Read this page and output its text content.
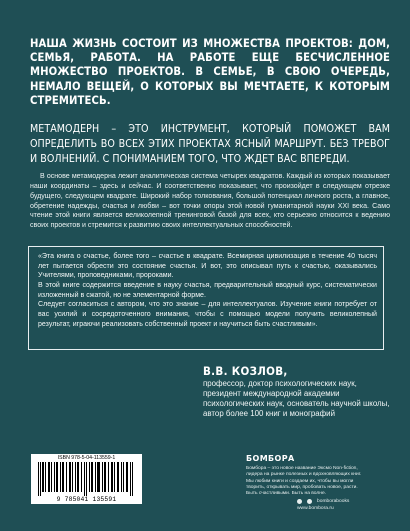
НАША ЖИЗНЬ СОСТОИТ ИЗ МНОЖЕСТВА ПРОЕКТОВ: ДОМ, СЕМЬЯ, РАБОТА. НА РАБОТЕ ЕЩЕ БЕСЧИСЛЕННОЕ МНОЖЕСТВО ПРОЕКТОВ. В СЕМЬЕ, В СВОЮ ОЧЕРЕДЬ, НЕМАЛО ВЕЩЕЙ, О КОТОРЫХ ВЫ МЕЧТАЕТЕ, К КОТОРЫМ СТРЕМИТЕСЬ.
МЕТАМОДЕРН – ЭТО ИНСТРУМЕНТ, КОТОРЫЙ ПОМОЖЕТ ВАМ ОПРЕДЕЛИТЬ ВО ВСЕХ ЭТИХ ПРОЕКТАХ ЯСНЫЙ МАРШРУТ. БЕЗ ТРЕВОГ И ВОЛНЕНИЙ. С ПОНИМАНИЕМ ТОГО, ЧТО ЖДЕТ ВАС ВПЕРЕДИ.
В основе метамодерна лежит аналитическая система четырех квадратов. Каждый из которых показывает наши координаты – здесь и сейчас. И соответственно показывает, что произойдет в следующем отрезке будущего, следующем квадрате. Широкий набор толкования, большой потенциал личного роста, а главное, обретение надежды, счастья и любви – вот точки опоры этой новой гуманитарной науки XXI века. Само чтение этой книги является великолепной тренинговой базой для всех, кто серьезно относится к ведению своих проектов и стремится к развитию своих интеллектуальных способностей.

«Эта книга о счастье, более того – счастье в квадрате. Всемирная цивилизация в течение 40 тысяч лет пытается обрести это состояние счастья. И вот, это описывал путь к счастью, оказывались Учителями, проповедниками, пророками.

В этой книге содержится введение в науку счастья, предварительный вводный курс, систематически изложенный в сжатой, но не элементарной форме.

Следует согласиться с автором, что это знание – для интеллектуалов. Изучение книги потребует от вас усилий и сосредоточенного внимания, чтобы с помощью модели получить великолепный результат, играючи реализовать собственный проект и научиться быть счастливым».

В.В. КОЗЛОВ,
профессор, доктор психологических наук, президент международной академии психологических наук, основатель научной школы, автор более 100 книг и монографий
ISBN 978-5-04-113559-1
9 785041 135591
БОМБОРА
Бомбора – это новое название Эксмо Non-fiction, лидера на рынке полезных и вдохновляющих книг. Мы любим книги и создаем их, чтобы вы могли творить, открывать мир, пробовать новое, расти. Быть счастливыми. Быть на волне.
bomborabooks
www.bombora.ru
